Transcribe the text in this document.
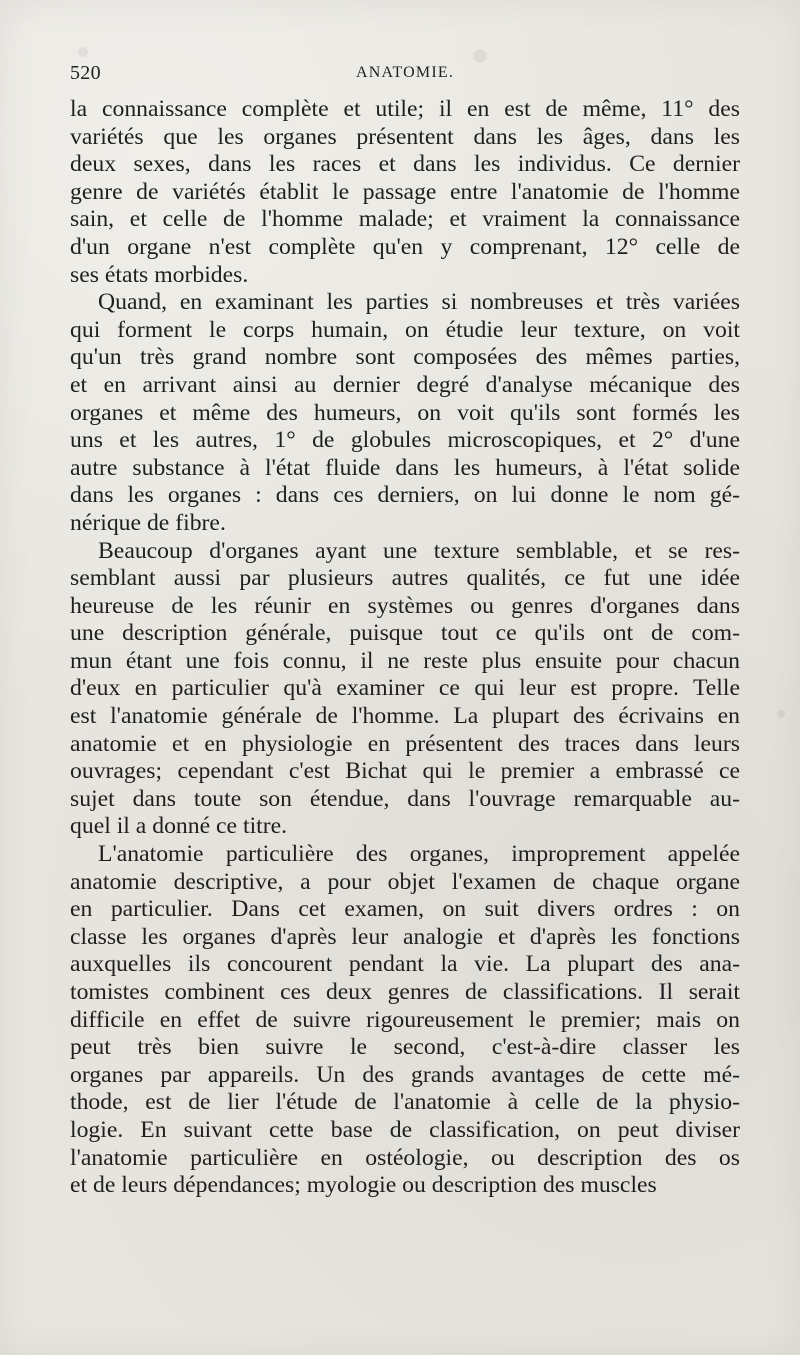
520	ANATOMIE.
la connaissance complète et utile; il en est de même, 11° des
variétés que les organes présentent dans les âges, dans les
deux sexes, dans les races et dans les individus. Ce dernier
genre de variétés établit le passage entre l'anatomie de l'homme
sain, et celle de l'homme malade; et vraiment la connaissance
d'un organe n'est complète qu'en y comprenant, 12° celle de
ses états morbides.
Quand, en examinant les parties si nombreuses et très variées
qui forment le corps humain, on étudie leur texture, on voit
qu'un très grand nombre sont composées des mêmes parties,
et en arrivant ainsi au dernier degré d'analyse mécanique des
organes et même des humeurs, on voit qu'ils sont formés les
uns et les autres, 1° de globules microscopiques, et 2° d'une
autre substance à l'état fluide dans les humeurs, à l'état solide
dans les organes : dans ces derniers, on lui donne le nom gé-
nérique de fibre.
Beaucoup d'organes ayant une texture semblable, et se res-
semblant aussi par plusieurs autres qualités, ce fut une idée
heureuse de les réunir en systèmes ou genres d'organes dans
une description générale, puisque tout ce qu'ils ont de com-
mun étant une fois connu, il ne reste plus ensuite pour chacun
d'eux en particulier qu'à examiner ce qui leur est propre. Telle
est l'anatomie générale de l'homme. La plupart des écrivains en
anatomie et en physiologie en présentent des traces dans leurs
ouvrages; cependant c'est Bichat qui le premier a embrassé ce
sujet dans toute son étendue, dans l'ouvrage remarquable au-
quel il a donné ce titre.
L'anatomie particulière des organes, improprement appelée
anatomie descriptive, a pour objet l'examen de chaque organe
en particulier. Dans cet examen, on suit divers ordres : on
classe les organes d'après leur analogie et d'après les fonctions
auxquelles ils concourent pendant la vie. La plupart des ana-
tomistes combinent ces deux genres de classifications. Il serait
difficile en effet de suivre rigoureusement le premier; mais on
peut très bien suivre le second, c'est-à-dire classer les
organes par appareils. Un des grands avantages de cette mé-
thode, est de lier l'étude de l'anatomie à celle de la physio-
logie. En suivant cette base de classification, on peut diviser
l'anatomie particulière en ostéologie, ou description des os
et de leurs dépendances; myologie ou description des muscles
